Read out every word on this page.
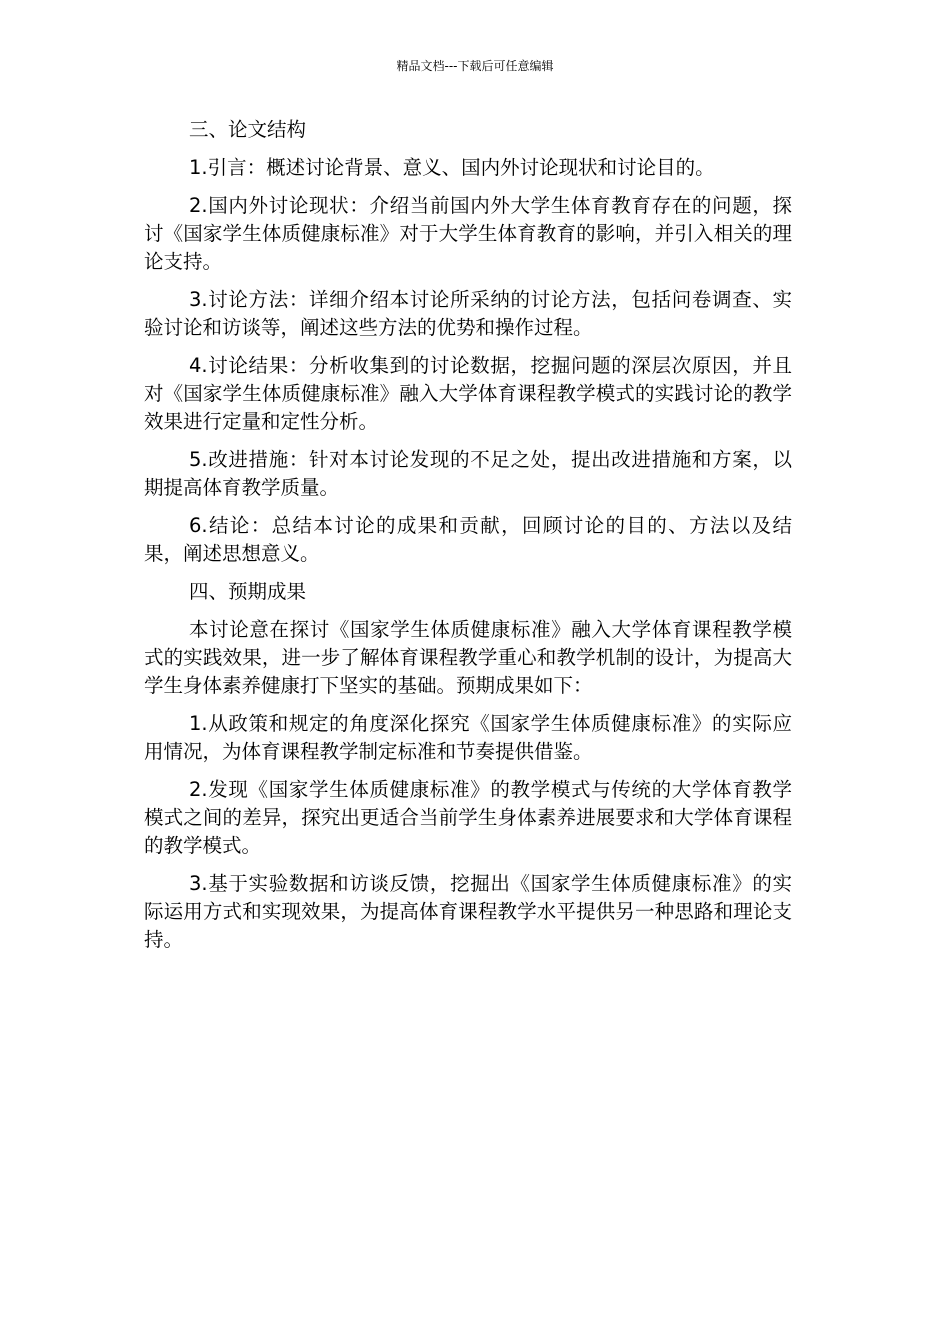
精品文档---下载后可任意编辑

三、论文结构

1.引言：概述讨论背景、意义、国内外讨论现状和讨论目的。

2.国内外讨论现状：介绍当前国内外大学生体育教育存在的问题，探讨《国家学生体质健康标准》对于大学生体育教育的影响，并引入相关的理论支持。

3.讨论方法：详细介绍本讨论所采纳的讨论方法，包括问卷调查、实验讨论和访谈等，阐述这些方法的优势和操作过程。

4.讨论结果：分析收集到的讨论数据，挖掘问题的深层次原因，并且对《国家学生体质健康标准》融入大学体育课程教学模式的实践讨论的教学效果进行定量和定性分析。

5.改进措施：针对本讨论发现的不足之处，提出改进措施和方案，以期提高体育教学质量。

6.结论：总结本讨论的成果和贡献，回顾讨论的目的、方法以及结果，阐述思想意义。

四、预期成果

本讨论意在探讨《国家学生体质健康标准》融入大学体育课程教学模式的实践效果，进一步了解体育课程教学重心和教学机制的设计，为提高大学生身体素养健康打下坚实的基础。预期成果如下：

1.从政策和规定的角度深化探究《国家学生体质健康标准》的实际应用情况，为体育课程教学制定标准和节奏提供借鉴。

2.发现《国家学生体质健康标准》的教学模式与传统的大学体育教学模式之间的差异，探究出更适合当前学生身体素养进展要求和大学体育课程的教学模式。

3.基于实验数据和访谈反馈，挖掘出《国家学生体质健康标准》的实际运用方式和实现效果，为提高体育课程教学水平提供另一种思路和理论支持。
